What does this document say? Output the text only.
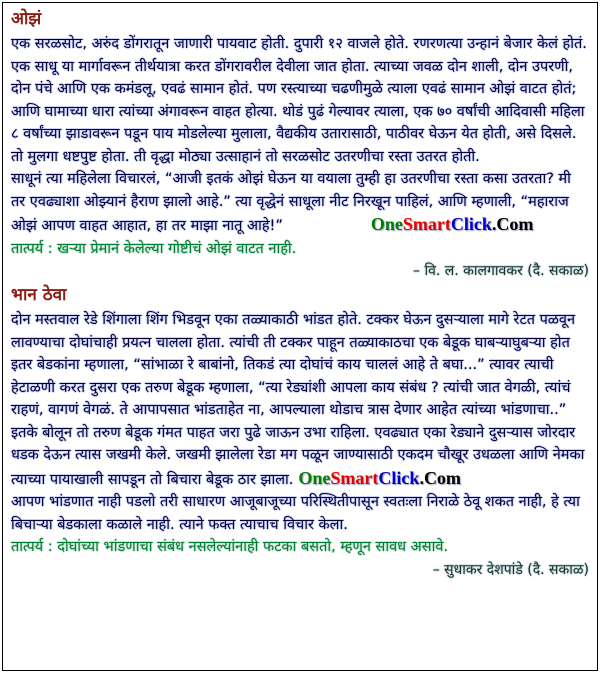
ओझं

एक सरळसोट, अरुंद डोंगरातून जाणारी पायवाट होती. दुपारी १२ वाजले होते. रणरणत्या उन्हानं बेजार केलं होतं. एक साधू या मार्गावरून तीर्थयात्रा करत डोंगरावरील देवीला जात होता. त्याच्या जवळ दोन शाली, दोन उपरणी, दोन पंचे आणि एक कमंडलू, एवढं सामान होतं. पण रस्त्याच्या चढणीमुळे त्याला एवढं सामान ओझं वाटत होतं; आणि घामाच्या धारा त्यांच्या अंगावरून वाहत होत्या. थोडं पुढं गेल्यावर त्याला, एक ७० वर्षांची आदिवासी महिला ८ वर्षांच्या झाडावरून पडून पाय मोडलेल्या मुलाला, वैद्यकीय उतारासाठी, पाठीवर घेऊन येत होती, असे दिसले. तो मुलगा धष्टपुष्ट होता. ती वृद्धा मोठ्या उत्साहानं तो सरळसोट उतरणीचा रस्ता उतरत होती.

साधूनं त्या महिलेला विचारलं, “आजी इतकं ओझं घेऊन या वयाला तुम्ही हा उतरणीचा रस्ता कसा उतरता? मी तर एवढ्याशा ओझ्यानं हैराण झालो आहे.” त्या वृद्धेनं साधूला नीट निरखून पाहिलं, आणि म्हणाली, “महाराज ओझं आपण वाहत आहात, हा तर माझा नातू आहे!”	OneSmartClick.Com

तात्पर्य : खऱ्या प्रेमानं केलेल्या गोष्टीचं ओझं वाटत नाही.

– वि. ल. कालगावकर (दै. सकाळ)

भान ठेवा

दोन मस्तवाल रेडे शिंगाला शिंग भिडवून एका तळ्याकाठी भांडत होते. टक्कर घेऊन दुसऱ्याला मागे रेटत पळवून लावण्याचा दोघांचाही प्रयत्न चालला होता. त्यांची ती टक्कर पाहून तळ्याकाठचा एक बेडूक घाबऱ्याघुबऱ्या होत इतर बेडकांना म्हणाला, “सांभाळा रे बाबांनो, तिकडं त्या दोघांचं काय चाललं आहे ते बघा...” त्यावर त्याची हेटाळणी करत दुसरा एक तरुण बेडूक म्हणाला, “त्या रेड्यांशी आपला काय संबंध ? त्यांची जात वेगळी, त्यांचं राहणं, वागणं वेगळं. ते आपापसात भांडताहेत ना, आपल्याला थोडाच त्रास देणार आहेत त्यांच्या भांडणाचा..” इतके बोलून तो तरुण बेडूक गंमत पाहत जरा पुढे जाऊन उभा राहिला. एवढ्यात एका रेड्याने दुसऱ्यास जोरदार धडक देऊन त्यास जखमी केले. जखमी झालेला रेडा मग पळून जाण्यासाठी एकदम चौखूर उधळला आणि नेमका त्याच्या पायाखाली सापडून तो बिचारा बेडूक ठार झाला. OneSmartClick.Com

आपण भांडणात नाही पडलो तरी साधारण आजूबाजूच्या परिस्थितीपासून स्वतःला निराळे ठेवू शकत नाही, हे त्या बिचाऱ्या बेडकाला कळाले नाही. त्याने फक्त त्याचाच विचार केला.

तात्पर्य : दोघांच्या भांडणाचा संबंध नसलेल्यांनाही फटका बसतो, म्हणून सावध असावे.

– सुधाकर देशपांडे (दै. सकाळ)
